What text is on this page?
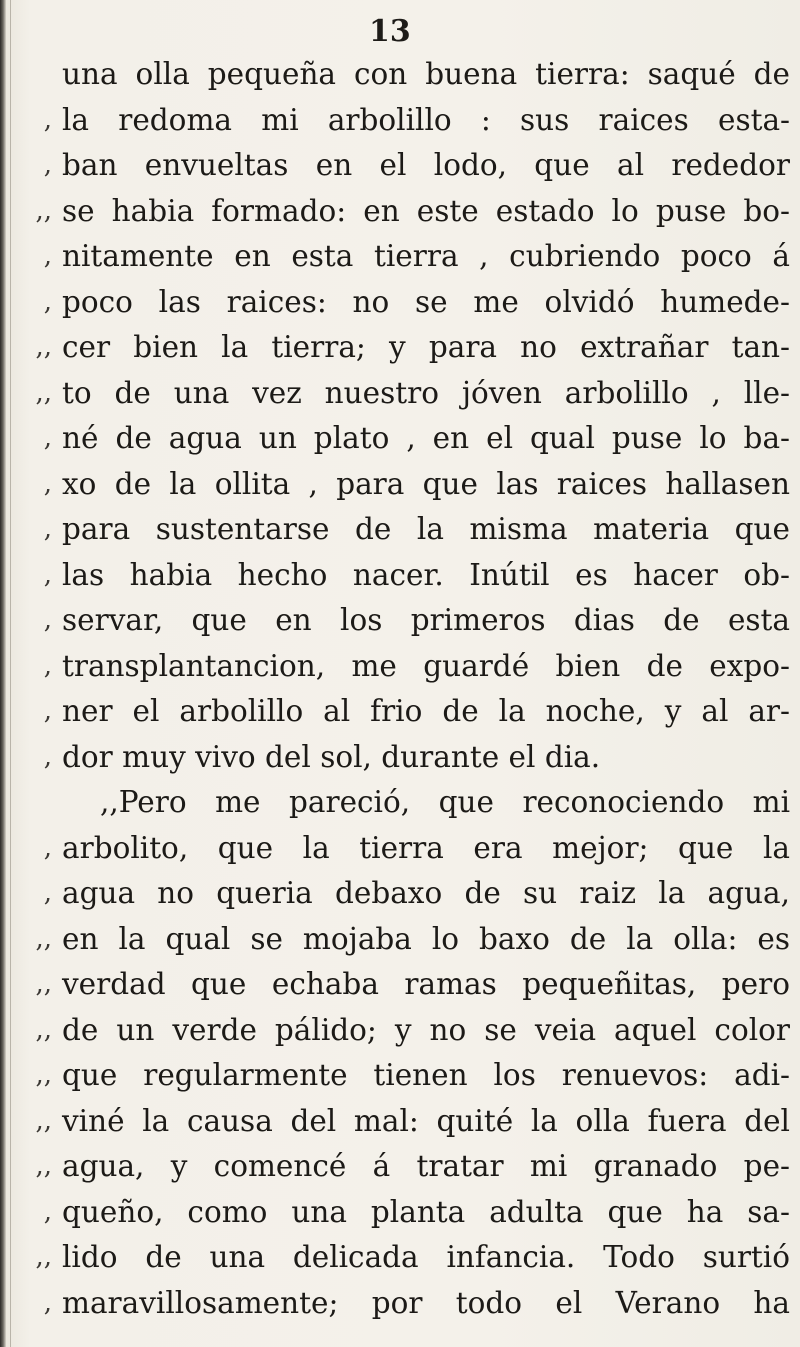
13
una olla pequeña con buena tierra: saqué de
, la redoma mi arbolillo : sus raices esta-
, ban envueltas en el lodo, que al rededor
,, se habia formado: en este estado lo puse bo-
, nitamente en esta tierra , cubriendo poco á
, poco las raices: no se me olvidó humede-
,, cer bien la tierra; y para no extrañar tan-
,, to de una vez nuestro jóven arbolillo , lle-
, né de agua un plato , en el qual puse lo ba-
, xo de la ollita , para que las raices hallasen
, para sustentarse de la misma materia que
, las habia hecho nacer. Inútil es hacer ob-
, servar, que en los primeros dias de esta
, transplantancion, me guardé bien de expo-
, ner el arbolillo al frio de la noche, y al ar-
, dor muy vivo del sol, durante el dia.
,,Pero me pareció, que reconociendo mi
, arbolito, que la tierra era mejor; que la
, agua no queria debaxo de su raiz la agua,
,, en la qual se mojaba lo baxo de la olla: es
,, verdad que echaba ramas pequeñitas, pero
,, de un verde pálido; y no se veia aquel color
,, que regularmente tienen los renuevos: adi-
,, viné la causa del mal: quité la olla fuera del
,, agua, y comencé á tratar mi granado pe-
, queño, como una planta adulta que ha sa-
,, lido de una delicada infancia. Todo surtió
, maravillosamente; por todo el Verano ha
